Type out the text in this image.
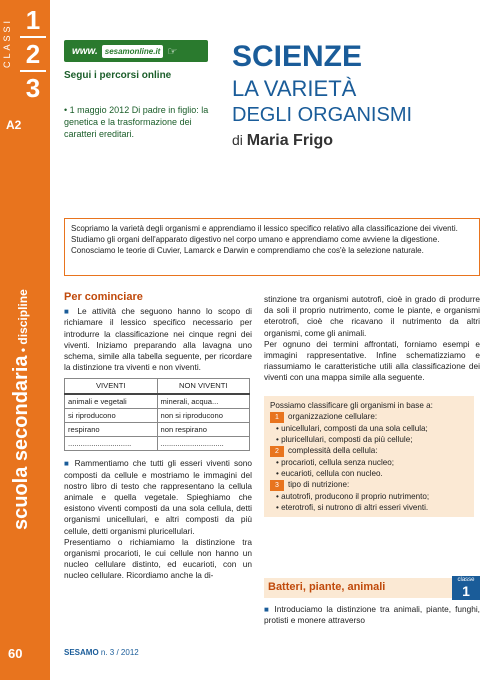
CLASSI 1
2
3
A2
scuola secondaria • discipline
60
www. sesamonline.it ☞
Segui i percorsi online
• 1 maggio 2012 Di padre in figlio: la genetica e la trasformazione dei caratteri ereditari.
SCIENZE
LA VARIETÀ
DEGLI ORGANISMI
di Maria Frigo
Scopriamo la varietà degli organismi e apprendiamo il lessico specifico relativo alla classificazione dei viventi. Studiamo gli organi dell'apparato digestivo nel corpo umano e apprendiamo come avviene la digestione. Conosciamo le teorie di Cuvier, Lamarck e Darwin e comprendiamo che cos'è la selezione naturale.
Per cominciare

■ Le attività che seguono hanno lo scopo di richiamare il lessico specifico necessario per introdurre la classificazione nei cinque regni dei viventi. Iniziamo preparando alla lavagna uno schema, simile alla tabella seguente, per ricordare la distinzione tra viventi e non viventi.

VIVENTI	NON VIVENTI
animali e vegetali	minerali, acqua...
si riproducono	non si riproducono
respirano	non respirano
..............................	..............................

■ Rammentiamo che tutti gli esseri viventi sono composti da cellule e mostriamo le immagini del nostro libro di testo che rappresentano la cellula animale e quella vegetale. Spieghiamo che esistono viventi composti da una sola cellula, detti organismi unicellulari, e altri composti da più cellule, detti organismi pluricellulari.

Presentiamo o richiamiamo la distinzione tra organismi procarioti, le cui cellule non hanno un nucleo cellulare distinto, ed eucarioti, con un nucleo cellulare. Ricordiamo anche la di-

stinzione tra organismi autotrofi, cioè in grado di produrre da soli il proprio nutrimento, come le piante, e organismi eterotrofi, cioè che ricavano il nutrimento da altri organismi, come gli animali.

Per ognuno dei termini affrontati, forniamo esempi e immagini rappresentative. Infine schematizziamo e riassumiamo le caratteristiche utili alla classificazione dei viventi con una mappa simile alla seguente.

Possiamo classificare gli organismi in base a:
1 organizzazione cellulare:
• unicellulari, composti da una sola cellula;
• pluricellulari, composti da più cellule;
2 complessità della cellula:
• procarioti, cellula senza nucleo;
• eucarioti, cellula con nucleo.
3 tipo di nutrizione:
• autotrofi, producono il proprio nutrimento;
• eterotrofi, si nutrono di altri esseri viventi.
Batteri, piante, animali
classe
1
■ Introduciamo la distinzione tra animali, piante, funghi, protisti e monere attraverso
SESAMO n. 3 / 2012
